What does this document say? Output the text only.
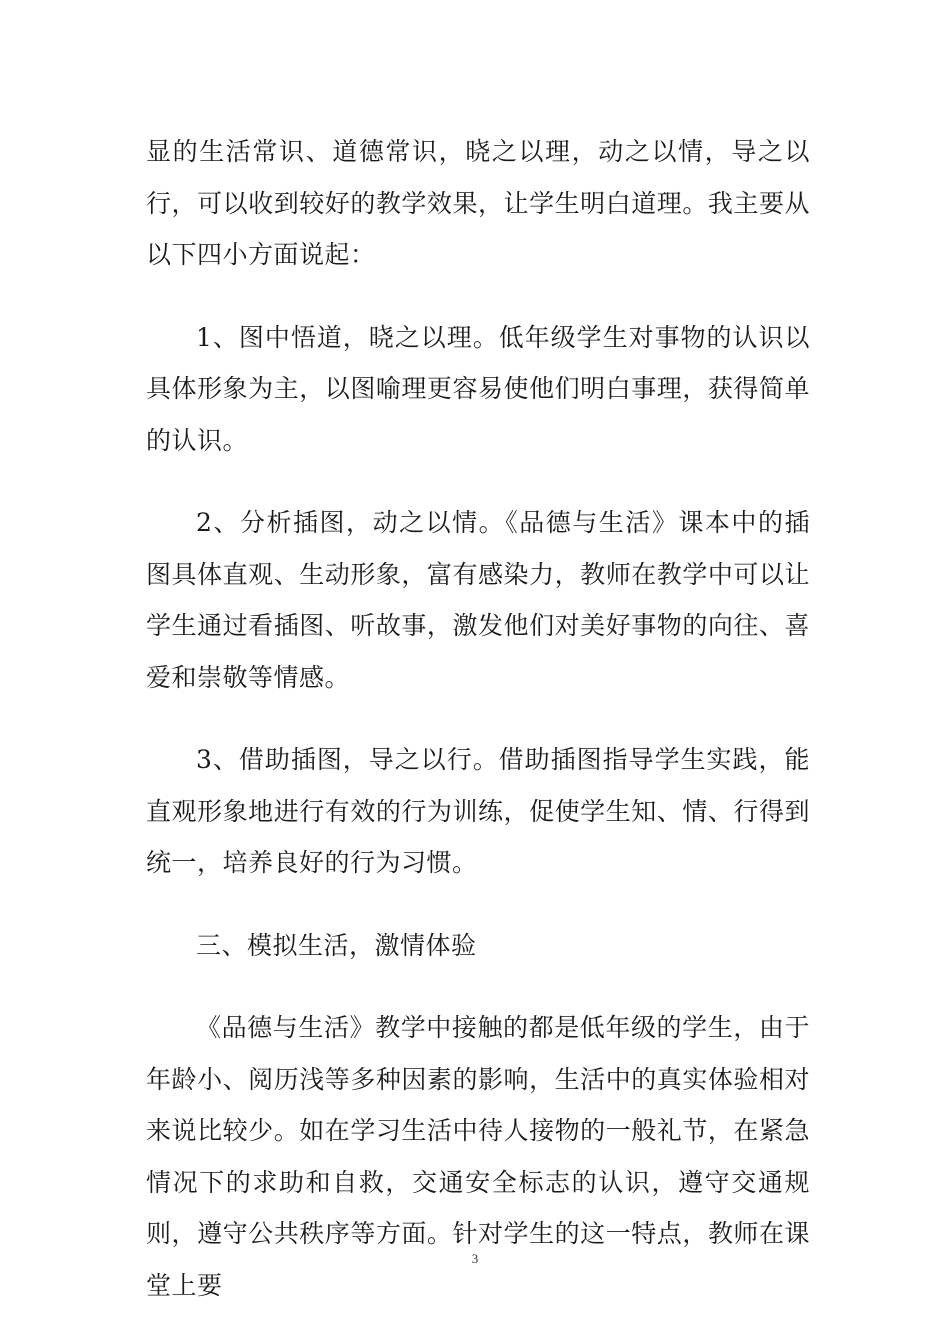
显的生活常识、道德常识，晓之以理，动之以情，导之以行，可以收到较好的教学效果，让学生明白道理。我主要从以下四小方面说起：

1、图中悟道，晓之以理。低年级学生对事物的认识以具体形象为主，以图喻理更容易使他们明白事理，获得简单的认识。

2、分析插图，动之以情。《品德与生活》课本中的插图具体直观、生动形象，富有感染力，教师在教学中可以让学生通过看插图、听故事，激发他们对美好事物的向往、喜爱和崇敬等情感。

3、借助插图，导之以行。借助插图指导学生实践，能直观形象地进行有效的行为训练，促使学生知、情、行得到统一，培养良好的行为习惯。

三、模拟生活，激情体验

《品德与生活》教学中接触的都是低年级的学生，由于年龄小、阅历浅等多种因素的影响，生活中的真实体验相对来说比较少。如在学习生活中待人接物的一般礼节，在紧急情况下的求助和自救，交通安全标志的认识，遵守交通规则，遵守公共秩序等方面。针对学生的这一特点，教师在课堂上要

3
